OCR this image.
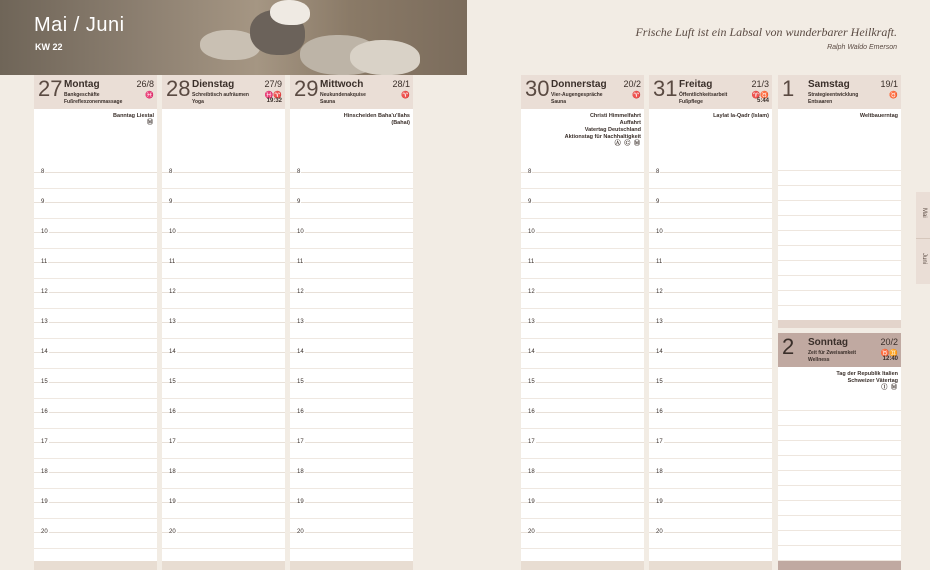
Mai / Juni
KW 22
Frische Luft ist ein Labsal von wunderbarer Heilkraft.
Ralph Waldo Emerson
27 Montag
Bankgeschäfte
Fußreflexzonenmassage
26/8
♓
Banntag Liestal
Ⓜ
8
9
10
11
12
13
14
15
16
17
18
19
20
28 Dienstag
Schreibtisch aufräumen
Yoga
27/9
♓♈
19:32
8
9
10
11
12
13
14
15
16
17
18
19
20
29 Mittwoch
Neukundenakquise
Sauna
28/1
♈
Hinscheiden Baha'u'llahs
(Bahai)
8
9
10
11
12
13
14
15
16
17
18
19
20
30 Donnerstag
Vier-Augengespräche
Sauna
20/2
♈
Christi Himmelfahrt
Auffahrt
Vatertag Deutschland
Aktionstag für Nachhaltigkeit
Ⓐ Ⓒ Ⓜ
8
9
10
11
12
13
14
15
16
17
18
19
20
31 Freitag
Öffentlichkeitsarbeit
Fußpflege
21/3
♈♉
5:44
Laylat la-Qadr (Islam)
8
9
10
11
12
13
14
15
16
17
18
19
20
1 Samstag
Strategieentwicklung
Entsaaren
19/1
♉
Weltbauerntag
2 Sonntag
Zeit für Zweisamkeit
Wellness
20/2
♉♊
12:40
Tag der Republik Italien
Schweizer Vätertag
Ⓘ Ⓜ
Mai
Juni
